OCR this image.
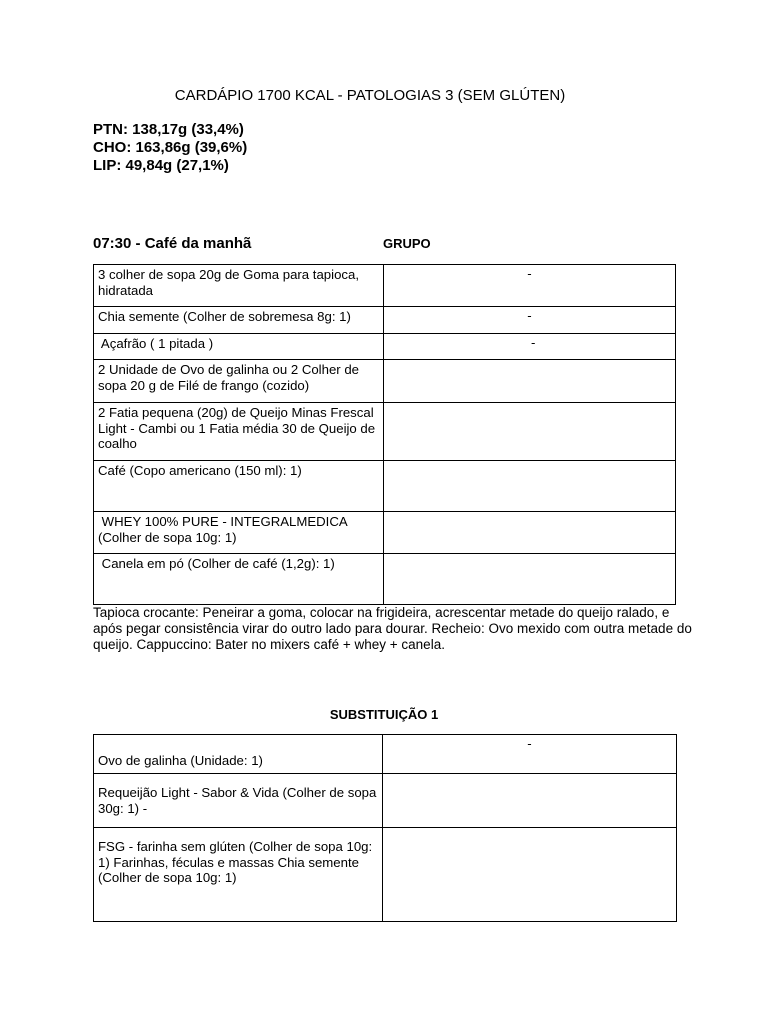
CARDÁPIO 1700 KCAL - PATOLOGIAS 3 (SEM GLÚTEN)
PTN: 138,17g (33,4%)
CHO: 163,86g (39,6%)
LIP: 49,84g (27,1%)
07:30 - Café da manhã	GRUPO
3 colher de sopa 20g de Goma para tapioca, hidratada	-
Chia semente (Colher de sobremesa 8g: 1)	-
Açafrão ( 1 pitada )	-
2 Unidade de Ovo de galinha ou 2 Colher de sopa 20 g de Filé de frango (cozido)	
2 Fatia pequena (20g) de Queijo Minas Frescal Light - Cambi ou 1 Fatia média 30 de Queijo de coalho	
Café (Copo americano (150 ml): 1)	
WHEY 100% PURE - INTEGRALMEDICA (Colher de sopa 10g: 1)	
Canela em pó (Colher de café (1,2g): 1)	
Tapioca crocante: Peneirar a goma, colocar na frigideira, acrescentar metade do queijo ralado, e após pegar consistência virar do outro lado para dourar. Recheio: Ovo mexido com outra metade do queijo. Cappuccino: Bater no mixers café + whey + canela.
SUBSTITUIÇÃO 1
Ovo de galinha (Unidade: 1)	-
Requeijão Light - Sabor & Vida (Colher de sopa 30g: 1) -	
FSG - farinha sem glúten (Colher de sopa 10g: 1) Farinhas, féculas e massas Chia semente (Colher de sopa 10g: 1)	
